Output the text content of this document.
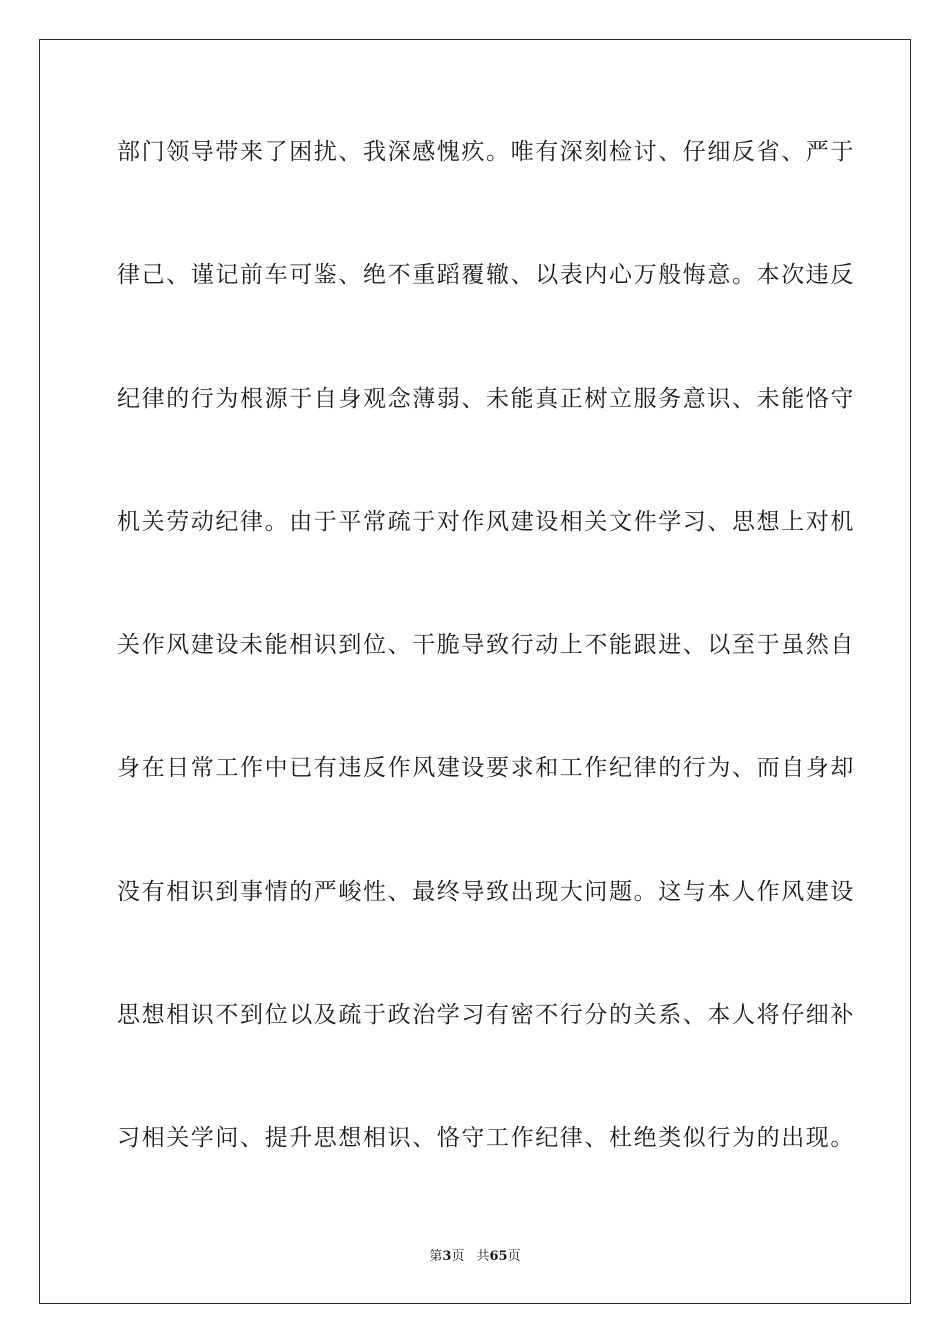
部门领导带来了困扰、我深感愧疚。唯有深刻检讨、仔细反省、严于
律己、谨记前车可鉴、绝不重蹈覆辙、以表内心万般悔意。本次违反
纪律的行为根源于自身观念薄弱、未能真正树立服务意识、未能恪守
机关劳动纪律。由于平常疏于对作风建设相关文件学习、思想上对机
关作风建设未能相识到位、干脆导致行动上不能跟进、以至于虽然自
身在日常工作中已有违反作风建设要求和工作纪律的行为、而自身却
没有相识到事情的严峻性、最终导致出现大问题。这与本人作风建设
思想相识不到位以及疏于政治学习有密不行分的关系、本人将仔细补
习相关学问、提升思想相识、恪守工作纪律、杜绝类似行为的出现。
第3页 共65页
